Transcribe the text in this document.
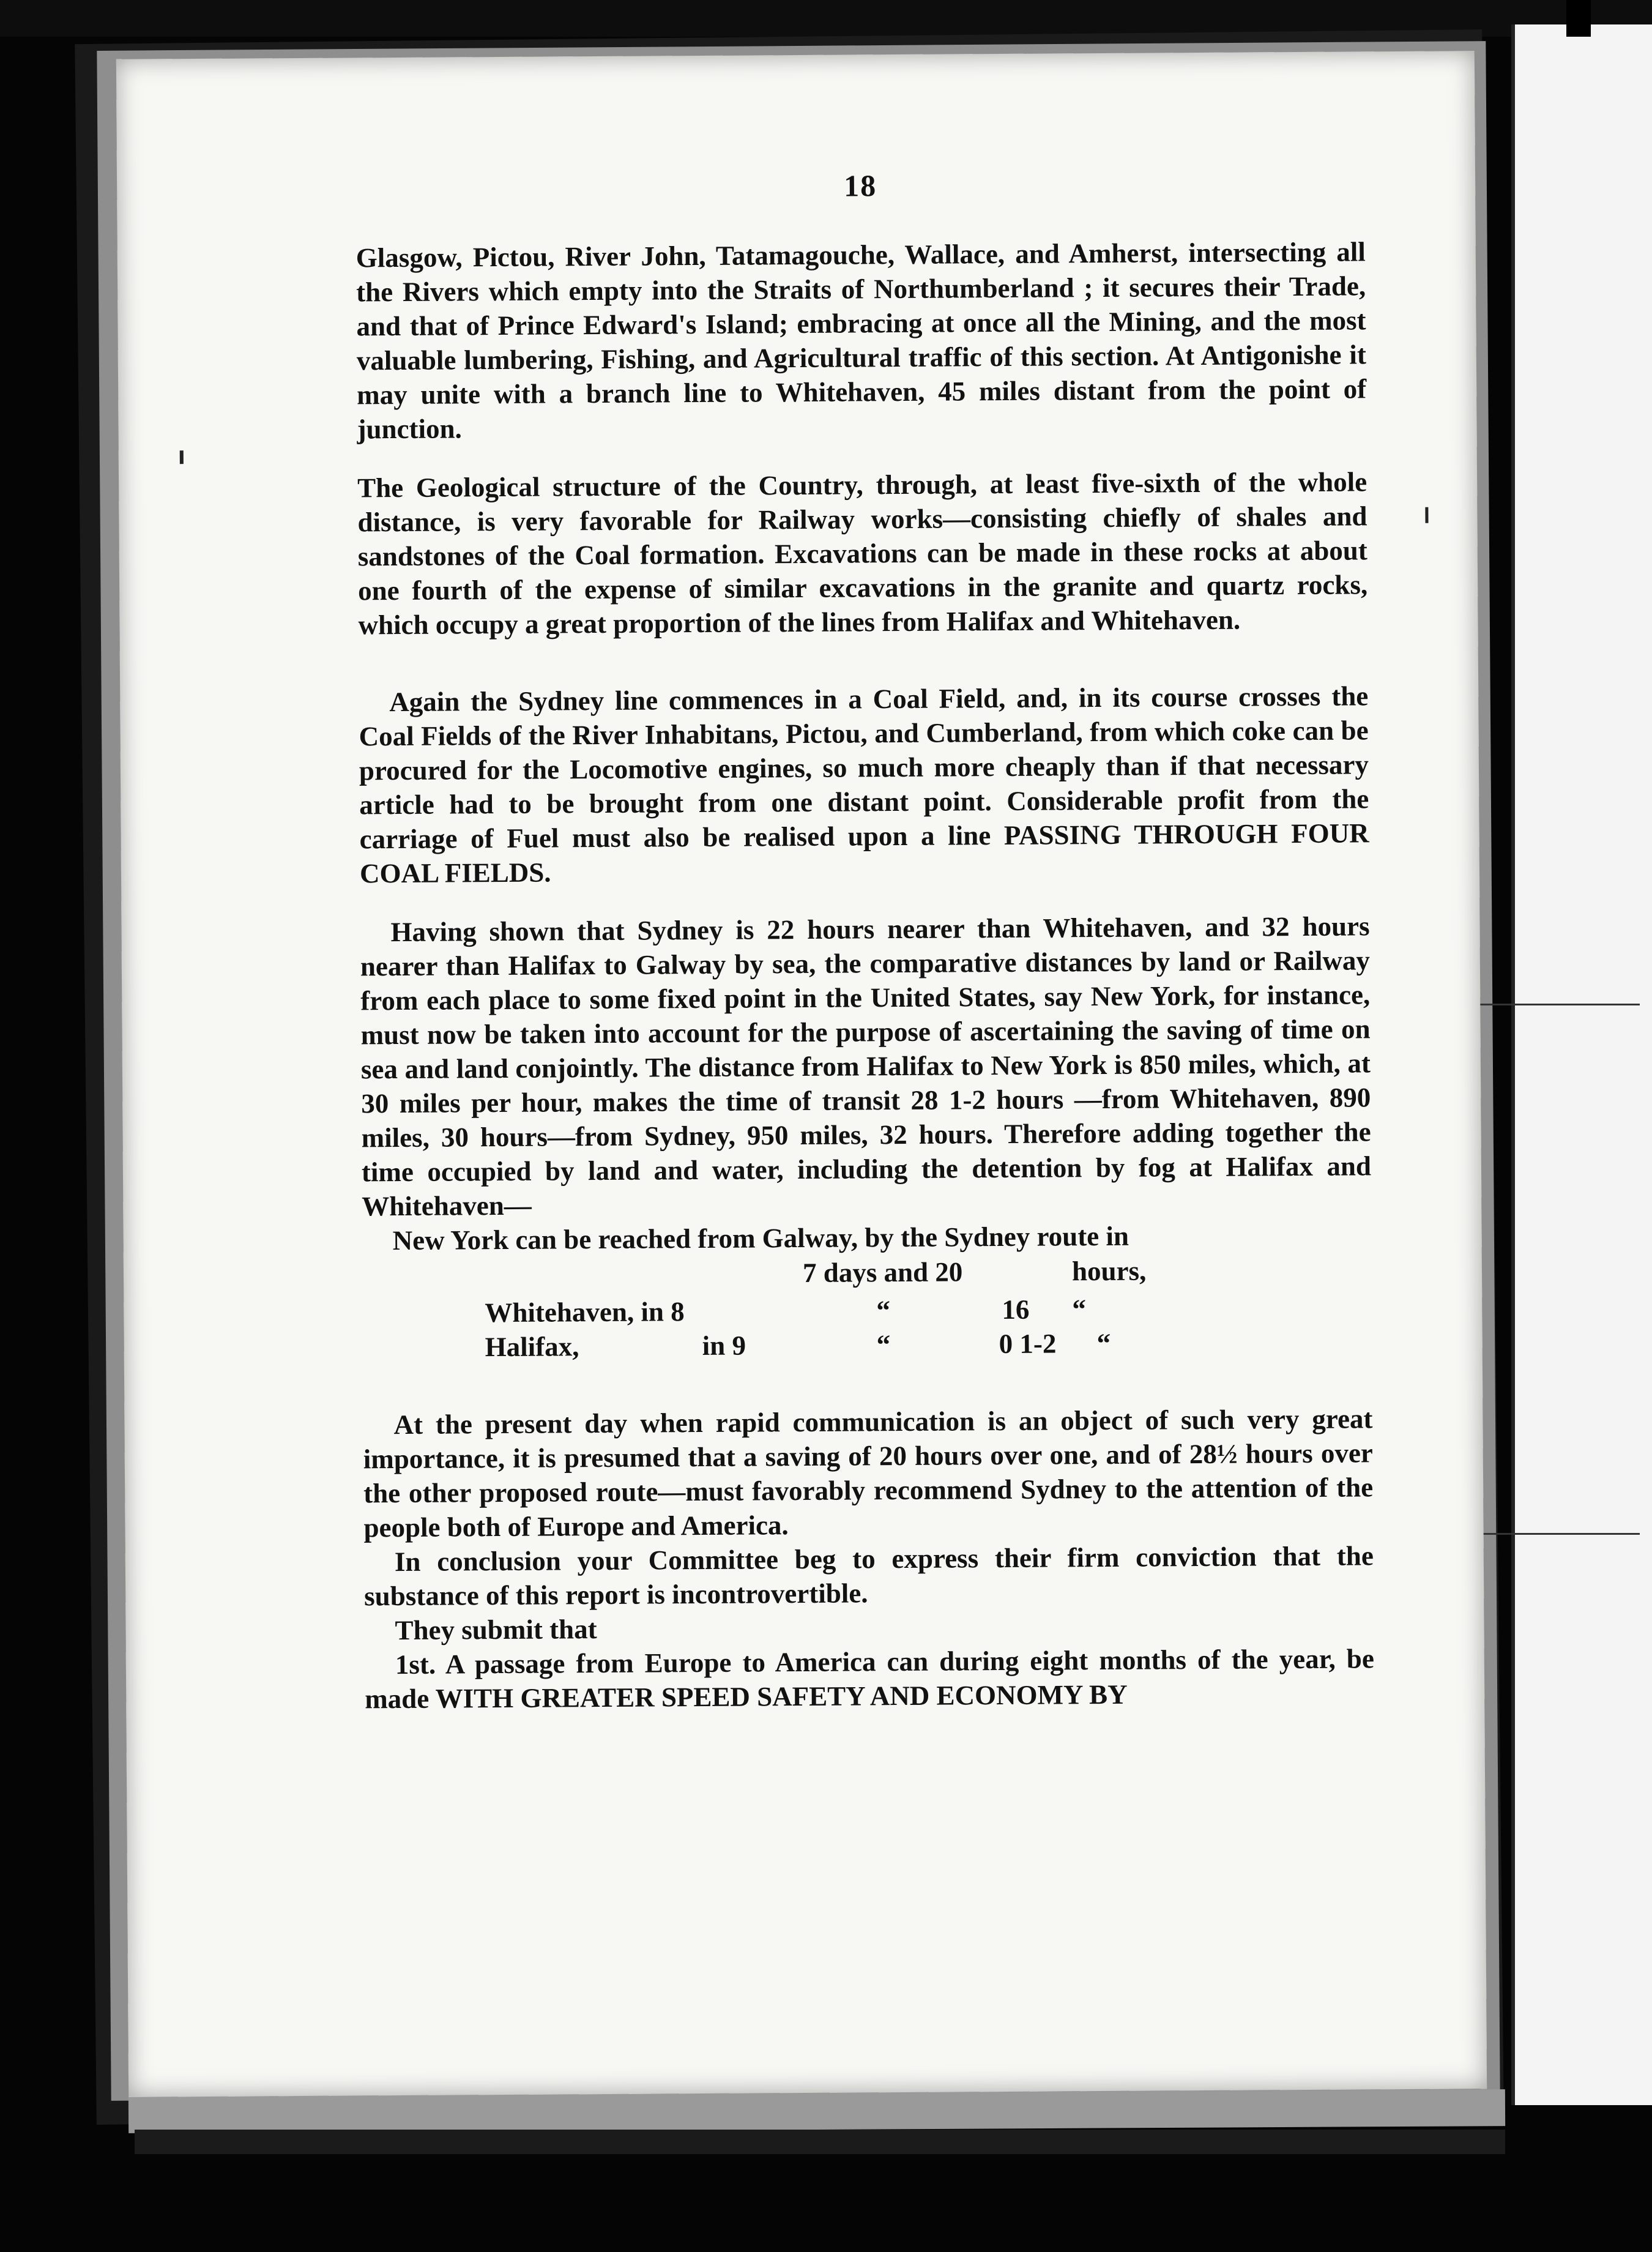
18

Glasgow, Pictou, River John, Tatamagouche, Wallace, and Amherst, intersecting all the Rivers which empty into the Straits of Northumberland ; it secures their Trade, and that of Prince Edward's Island; embracing at once all the Mining, and the most valuable lumbering, Fishing, and Agricultural traffic of this section. At Antigonishe it may unite with a branch line to Whitehaven, 45 miles distant from the point of junction.

The Geological structure of the Country, through, at least five-sixth of the whole distance, is very favorable for Railway works—consisting chiefly of shales and sandstones of the Coal formation. Excavations can be made in these rocks at about one fourth of the expense of similar excavations in the granite and quartz rocks, which occupy a great proportion of the lines from Halifax and Whitehaven.

Again the Sydney line commences in a Coal Field, and, in its course crosses the Coal Fields of the River Inhabitans, Pictou, and Cumberland, from which coke can be procured for the Locomotive engines, so much more cheaply than if that necessary article had to be brought from one distant point. Considerable profit from the carriage of Fuel must also be realised upon a line PASSING THROUGH FOUR COAL FIELDS.

Having shown that Sydney is 22 hours nearer than Whitehaven, and 32 hours nearer than Halifax to Galway by sea, the comparative distances by land or Railway from each place to some fixed point in the United States, say New York, for instance, must now be taken into account for the purpose of ascertaining the saving of time on sea and land conjointly. The distance from Halifax to New York is 850 miles, which, at 30 miles per hour, makes the time of transit 28 1-2 hours —from Whitehaven, 890 miles, 30 hours—from Sydney, 950 miles, 32 hours. Therefore adding together the time occupied by land and water, including the detention by fog at Halifax and Whitehaven—

New York can be reached from Galway, by the Sydney route in

7 days and 20	hours,
Whitehaven, in 8	“	16 “
Halifax,	in 9	“	0 1-2 “

At the present day when rapid communication is an object of such very great importance, it is presumed that a saving of 20 hours over one, and of 28½ hours over the other proposed route—must favorably recommend Sydney to the attention of the people both of Europe and America.

In conclusion your Committee beg to express their firm conviction that the substance of this report is incontrovertible.

They submit that

1st. A passage from Europe to America can during eight months of the year, be made WITH GREATER SPEED SAFETY AND ECONOMY BY
